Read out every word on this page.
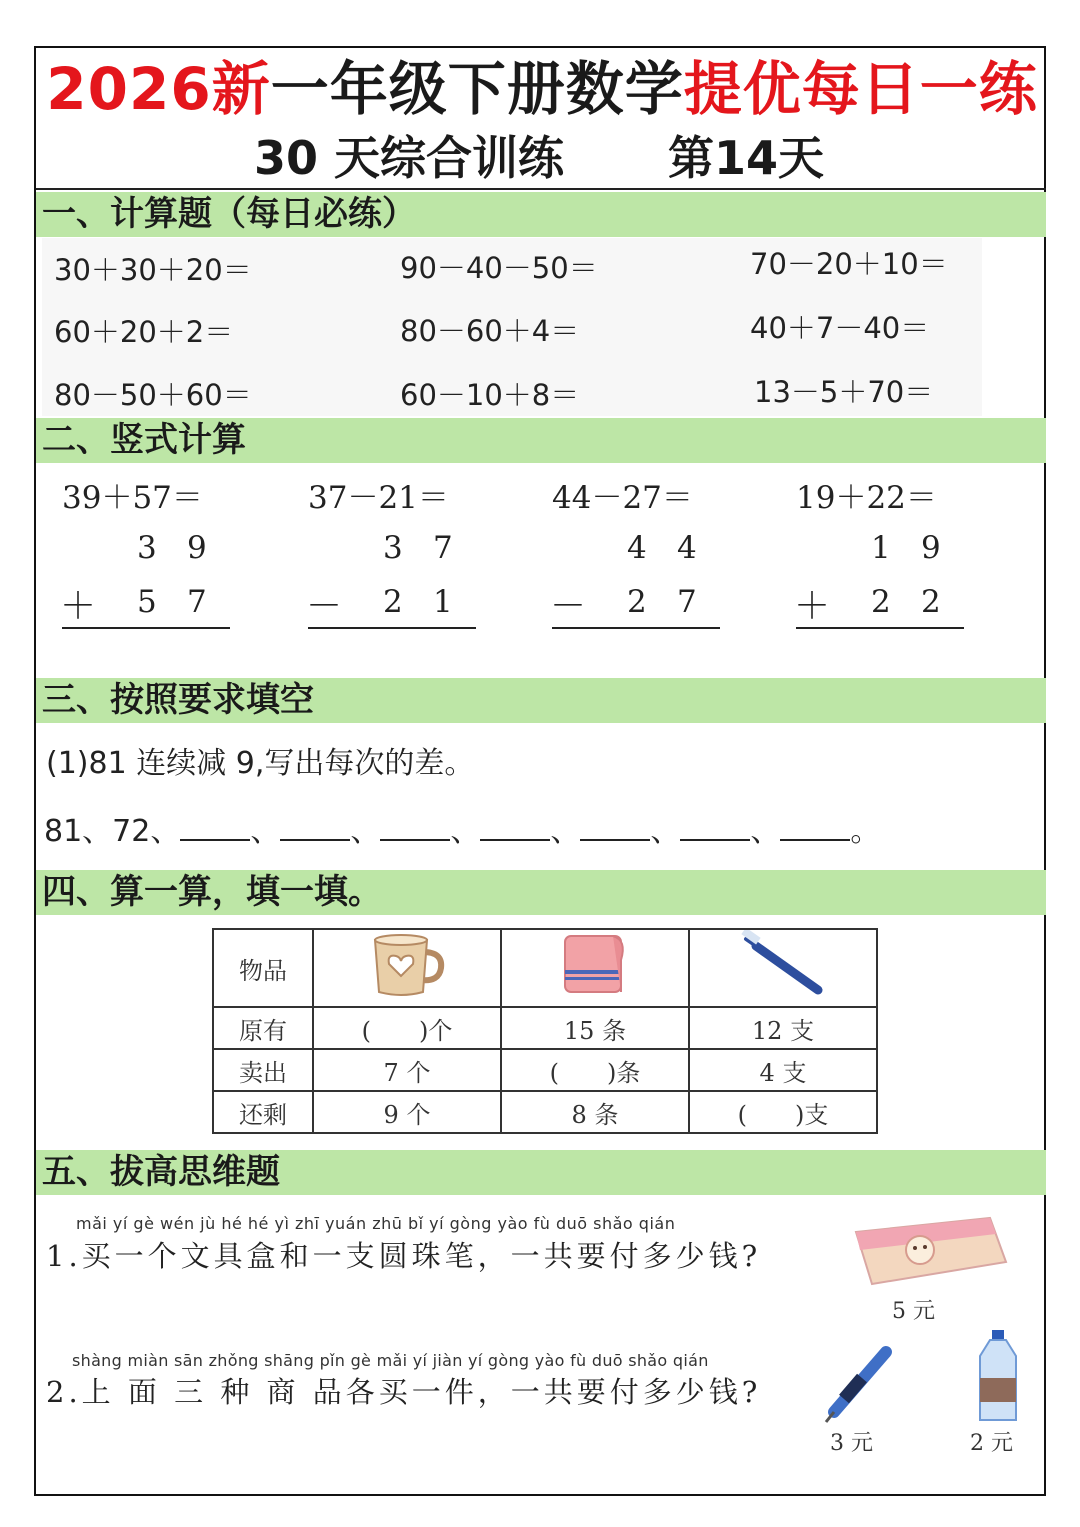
2026新一年级下册数学提优每日一练
30 天综合训练 第14天
一、计算题（每日必练）
30＋30＋20＝	90－40－50＝	70－20＋10＝
60＋20＋2＝	80－60＋4＝	40＋7－40＝
80－50＋60＝	60－10＋8＝	13－5＋70＝
二、竖式计算
39＋57＝
3 9
＋ 5 7
37－21＝
3 7
－ 2 1
44－27＝
4 4
－ 2 7
19＋22＝
1 9
＋ 2 2
三、按照要求填空
(1)81 连续减 9,写出每次的差。
81、72、 、 、 、 、 、 、 。
四、算一算，填一填。
物品			
原有	(　　)个	15 条	12 支
卖出	7 个	(　　)条	4 支
还剩	9 个	8 条	(　　)支
五、拔高思维题
mǎi yí gè wén jù hé hé yì zhī yuán zhū bǐ yí gòng yào fù duō shǎo qián
1.买一个文具盒和一支圆珠笔，一共要付多少钱?
5 元
shàng miàn sān zhǒng shāng pǐn gè mǎi yí jiàn yí gòng yào fù duō shǎo qián
2.上 面 三 种 商 品各买一件，一共要付多少钱?
3 元	2 元
